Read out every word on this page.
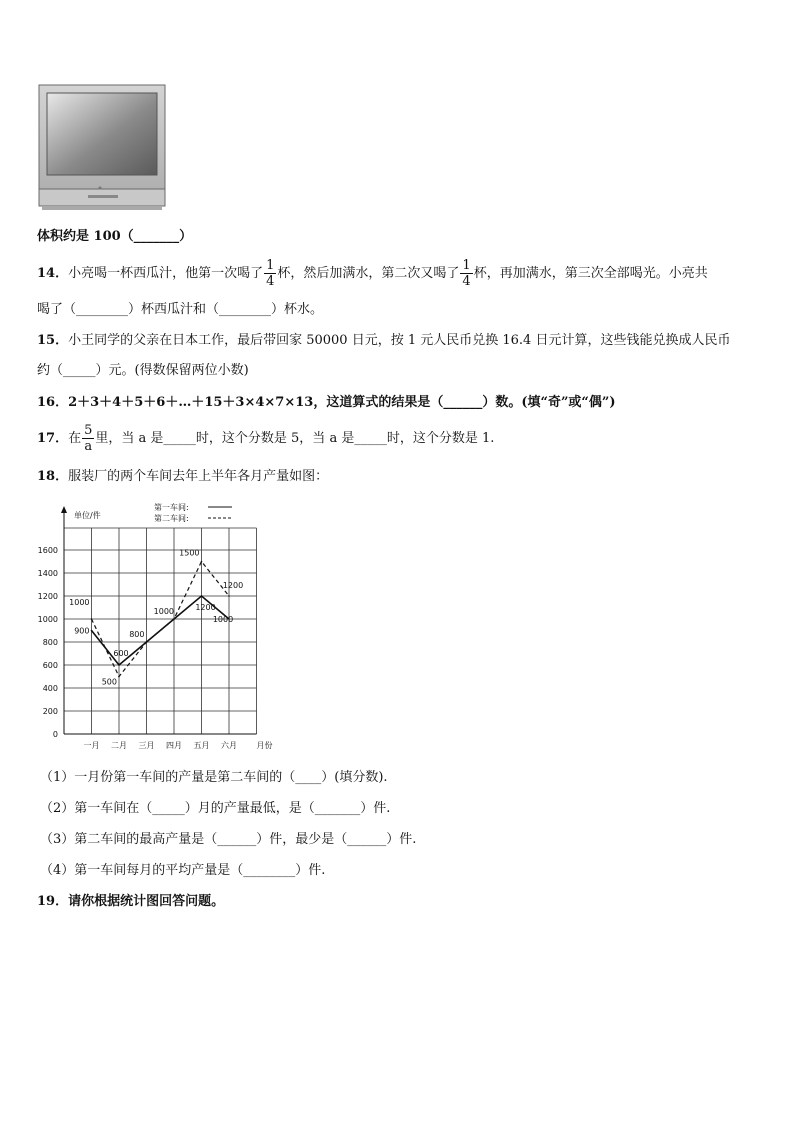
体积约是 100（_______）
14．小亮喝一杯西瓜汁，他第一次喝了 $\frac{1}{4}$ 杯，然后加满水，第二次又喝了 $\frac{1}{4}$ 杯，再加满水，第三次全部喝光。小亮共
喝了（________）杯西瓜汁和（________）杯水。
15．小王同学的父亲在日本工作，最后带回家 50000 日元，按 1 元人民币兑换 16.4 日元计算，这些钱能兑换成人民币
约（_____）元。(得数保留两位小数)
16．2＋3＋4＋5＋6＋…＋15＋3×4×7×13，这道算式的结果是（______）数。(填“奇”或“偶”)
17．在 $\frac{5}{a}$ 里，当 a 是_____时，这个分数是 5，当 a 是_____时，这个分数是 1.
18．服装厂的两个车间去年上半年各月产量如图：
0
200
400
600
800
1000
1200
1400
1600
单位/件
月份
一月 二月 三月 四月 五月 六月
第一车间:
第二车间:
900
1000
600
500
800
1000
1500
1200
1200
1000
（1）一月份第一车间的产量是第二车间的（____）(填分数).
（2）第一车间在（_____）月的产量最低，是（_______）件.
（3）第二车间的最高产量是（______）件，最少是（______）件.
（4）第一车间每月的平均产量是（________）件.
19．请你根据统计图回答问题。
